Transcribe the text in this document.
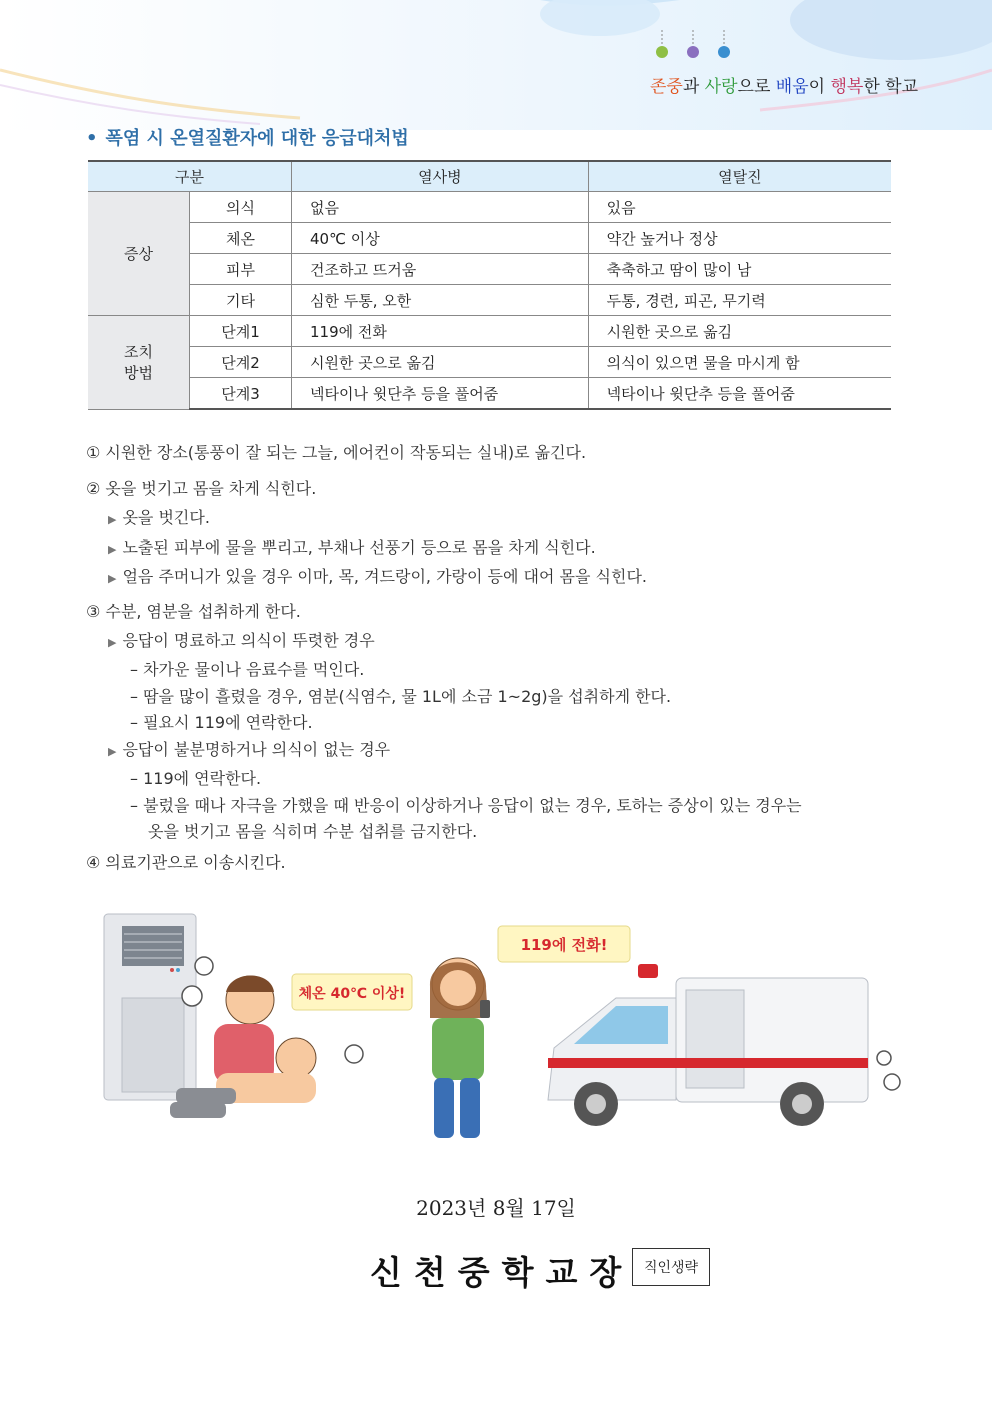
존중과 사랑으로 배움이 행복한 학교
• 폭염 시 온열질환자에 대한 응급대처법
구분		열사병	열탈진
증상	의식	없음	있음
	체온	40℃ 이상	약간 높거나 정상
	피부	건조하고 뜨거움	축축하고 땀이 많이 남
	기타	심한 두통, 오한	두통, 경련, 피곤, 무기력
조치
방법	단계1	119에 전화	시원한 곳으로 옮김
	단계2	시원한 곳으로 옮김	의식이 있으면 물을 마시게 함
	단계3	넥타이나 윗단추 등을 풀어줌	넥타이나 윗단추 등을 풀어줌
① 시원한 장소(통풍이 잘 되는 그늘, 에어컨이 작동되는 실내)로 옮긴다.
② 옷을 벗기고 몸을 차게 식힌다.
▶ 옷을 벗긴다.
▶ 노출된 피부에 물을 뿌리고, 부채나 선풍기 등으로 몸을 차게 식힌다.
▶ 얼음 주머니가 있을 경우 이마, 목, 겨드랑이, 가랑이 등에 대어 몸을 식힌다.
③ 수분, 염분을 섭취하게 한다.
▶ 응답이 명료하고 의식이 뚜렷한 경우
– 차가운 물이나 음료수를 먹인다.
– 땀을 많이 흘렸을 경우, 염분(식염수, 물 1L에 소금 1~2g)을 섭취하게 한다.
– 필요시 119에 연락한다.
▶ 응답이 불분명하거나 의식이 없는 경우
– 119에 연락한다.
– 불렀을 때나 자극을 가했을 때 반응이 이상하거나 응답이 없는 경우, 토하는 증상이 있는 경우는
옷을 벗기고 몸을 식히며 수분 섭취를 금지한다.
④ 의료기관으로 이송시킨다.
체온 40℃ 이상!
119에 전화!
2023년 8월 17일
신천중학교장 직인생략
